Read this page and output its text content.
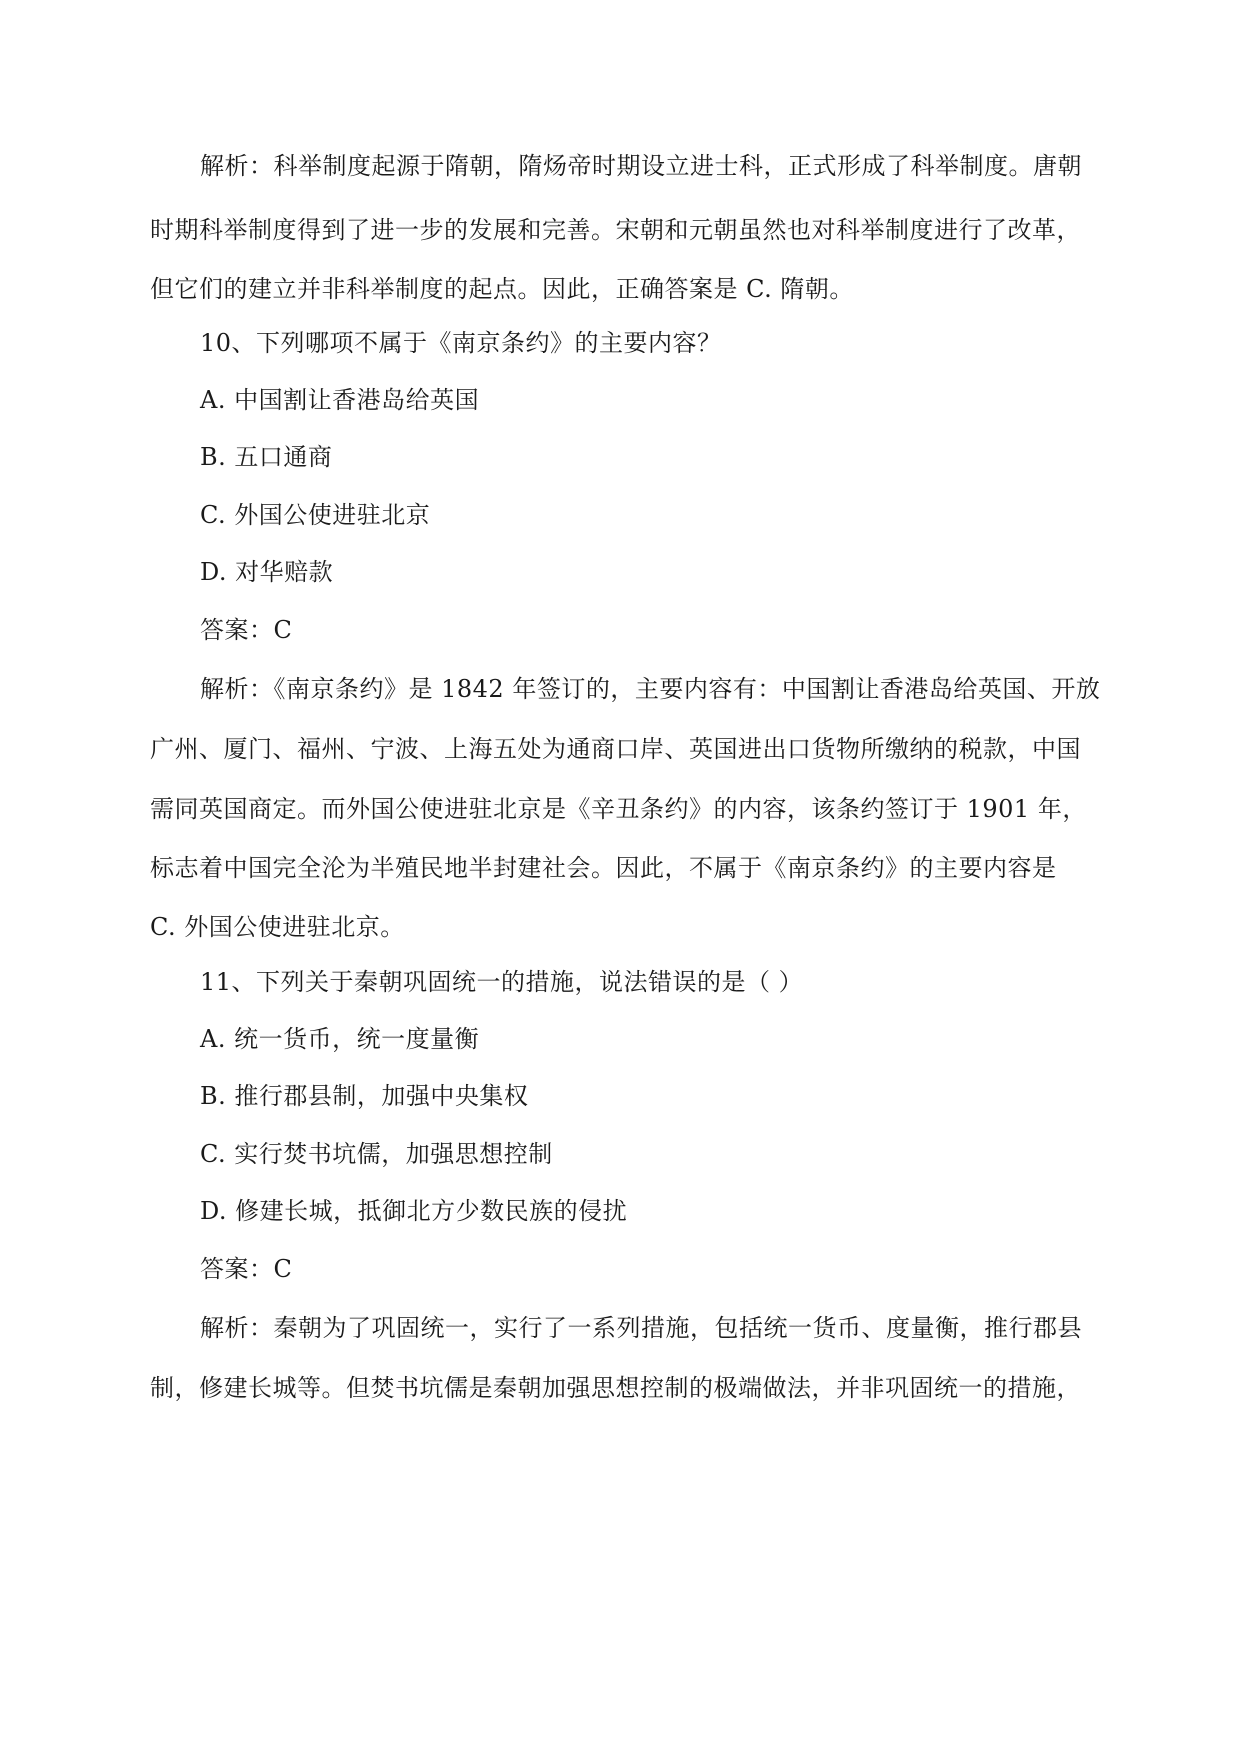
解析：科举制度起源于隋朝，隋炀帝时期设立进士科，正式形成了科举制度。唐朝
时期科举制度得到了进一步的发展和完善。宋朝和元朝虽然也对科举制度进行了改革，
但它们的建立并非科举制度的起点。因此，正确答案是 C. 隋朝。
10、下列哪项不属于《南京条约》的主要内容？
A. 中国割让香港岛给英国
B. 五口通商
C. 外国公使进驻北京
D. 对华赔款
答案：C
解析：《南京条约》是 1842 年签订的，主要内容有：中国割让香港岛给英国、开放
广州、厦门、福州、宁波、上海五处为通商口岸、英国进出口货物所缴纳的税款，中国
需同英国商定。而外国公使进驻北京是《辛丑条约》的内容，该条约签订于 1901 年，
标志着中国完全沦为半殖民地半封建社会。因此，不属于《南京条约》的主要内容是
C. 外国公使进驻北京。
11、下列关于秦朝巩固统一的措施，说法错误的是（ ）
A. 统一货币，统一度量衡
B. 推行郡县制，加强中央集权
C. 实行焚书坑儒，加强思想控制
D. 修建长城，抵御北方少数民族的侵扰
答案：C
解析：秦朝为了巩固统一，实行了一系列措施，包括统一货币、度量衡，推行郡县
制，修建长城等。但焚书坑儒是秦朝加强思想控制的极端做法，并非巩固统一的措施，
